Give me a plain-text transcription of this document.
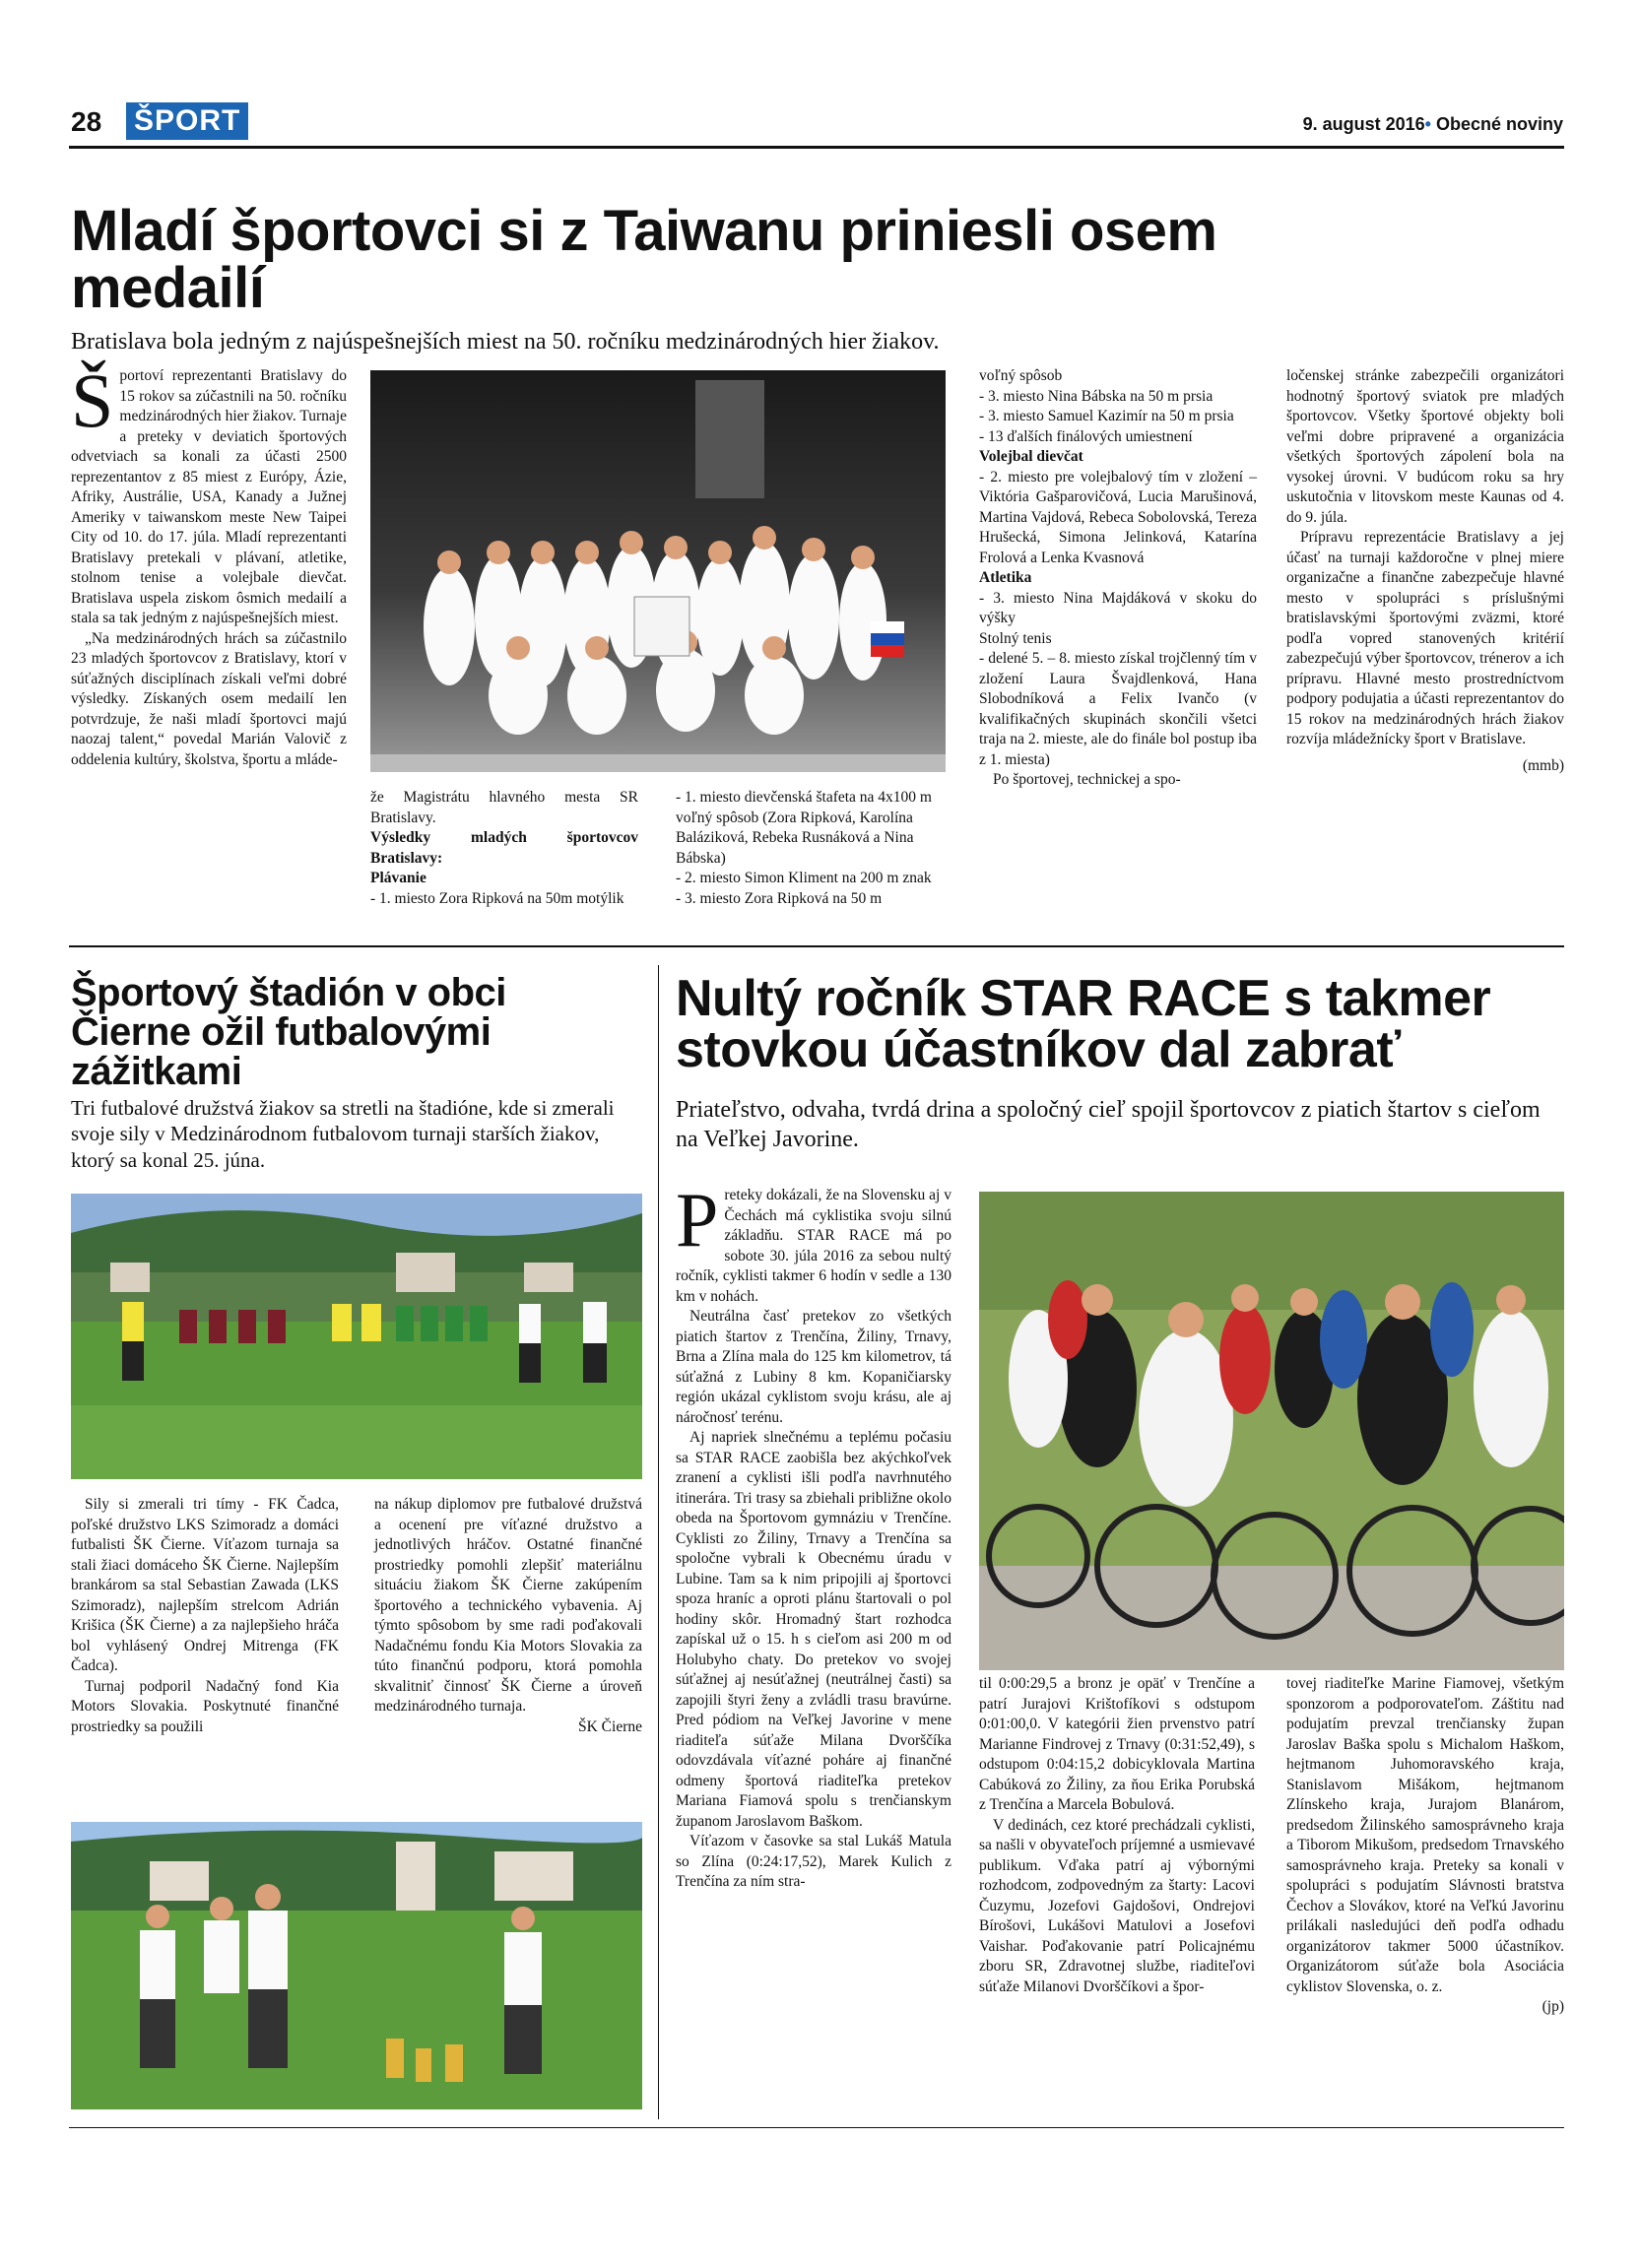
28 ŠPORT	9. august 2016• Obecné noviny
Mladí športovci si z Taiwanu priniesli osem medailí
Bratislava bola jedným z najúspešnejších miest na 50. ročníku medzinárodných hier žiakov.

Športoví reprezentanti Bratislavy do 15 rokov sa zúčastnili na 50. ročníku medzinárodných hier žiakov. Turnaje a preteky v deviatich športových odvetviach sa konali za účasti 2500 reprezentantov z 85 miest z Európy, Ázie, Afriky, Austrálie, USA, Kanady a Južnej Ameriky v taiwanskom meste New Taipei City od 10. do 17. júla. Mladí reprezentanti Bratislavy pretekali v plávaní, atletike, stolnom tenise a volejbale dievčat. Bratislava uspela ziskom ôsmich medailí a stala sa tak jedným z najúspešnejších miest.

„Na medzinárodných hrách sa zúčastnilo 23 mladých športovcov z Bratislavy, ktorí v súťažných disciplínach získali veľmi dobré výsledky. Získaných osem medailí len potvrdzuje, že naši mladí športovci majú naozaj talent,“ povedal Marián Valovič z oddelenia kultúry, školstva, športu a mláde-

že Magistrátu hlavného mesta SR Bratislavy.

Výsledky mladých športovcov Bratislavy:
Plávanie
- 1. miesto Zora Ripková na 50m motýlik
- 1. miesto dievčenská štafeta na 4x100 m voľný spôsob (Zora Ripková, Karolína Baláziková, Rebeka Rusnáková a Nina Bábska)
- 2. miesto Simon Kliment na 200 m znak
- 3. miesto Zora Ripková na 50 m
voľný spôsob
- 3. miesto Nina Bábska na 50 m prsia
- 3. miesto Samuel Kazimír na 50 m prsia
- 13 ďalších finálových umiestnení
Volejbal dievčat
- 2. miesto pre volejbalový tím v zložení – Viktória Gašparovičová, Lucia Marušinová, Martina Vajdová, Rebeca Sobolovská, Tereza Hrušecká, Simona Jelinková, Katarína Frolová a Lenka Kvasnová
Atletika
- 3. miesto Nina Majdáková v skoku do výšky
Stolný tenis
- delené 5. – 8. miesto získal trojčlenný tím v zložení Laura Švajdlenková, Hana Slobodníková a Felix Ivančo (v kvalifikačných skupinách skončili všetci traja na 2. mieste, ale do finále bol postup iba z 1. miesta)

Po športovej, technickej a spo-

ločenskej stránke zabezpečili organizátori hodnotný športový sviatok pre mladých športovcov. Všetky športové objekty boli veľmi dobre pripravené a organizácia všetkých športových zápolení bola na vysokej úrovni. V budúcom roku sa hry uskutočnia v litovskom meste Kaunas od 4. do 9. júla.

Prípravu reprezentácie Bratislavy a jej účasť na turnaji každoročne v plnej miere organizačne a finančne zabezpečuje hlavné mesto v spolupráci s príslušnými bratislavskými športovými zväzmi, ktoré podľa vopred stanovených kritérií zabezpečujú výber športovcov, trénerov a ich prípravu. Hlavné mesto prostredníctvom podpory podujatia a účasti reprezentantov do 15 rokov na medzinárodných hrách žiakov rozvíja mládežnícky šport v Bratislave.

(mmb)
Športový štadión v obci Čierne ožil futbalovými zážitkami
Tri futbalové družstvá žiakov sa stretli na štadióne, kde si zmerali svoje sily v Medzinárodnom futbalovom turnaji starších žiakov, ktorý sa konal 25. júna.

Sily si zmerali tri tímy - FK Čadca, poľské družstvo LKS Szimoradz a domáci futbalisti ŠK Čierne. Víťazom turnaja sa stali žiaci domáceho ŠK Čierne. Najlepším brankárom sa stal Sebastian Zawada (LKS Szimoradz), najlepším strelcom Adrián Krišica (ŠK Čierne) a za najlepšieho hráča bol vyhlásený Ondrej Mitrenga (FK Čadca).

Turnaj podporil Nadačný fond Kia Motors Slovakia. Poskytnuté finančné prostriedky sa použili

na nákup diplomov pre futbalové družstvá a ocenení pre víťazné družstvo a jednotlivých hráčov. Ostatné finančné prostriedky pomohli zlepšiť materiálnu situáciu žiakom ŠK Čierne zakúpením športového a technického vybavenia. Aj týmto spôsobom by sme radi poďakovali Nadačnému fondu Kia Motors Slovakia za túto finančnú podporu, ktorá pomohla skvalitniť činnosť ŠK Čierne a úroveň medzinárodného turnaja.

ŠK Čierne
Nultý ročník STAR RACE s takmer stovkou účastníkov dal zabrať
Priateľstvo, odvaha, tvrdá drina a spoločný cieľ spojil športovcov z piatich štartov s cieľom na Veľkej Javorine.

Preteky dokázali, že na Slovensku aj v Čechách má cyklistika svoju silnú základňu. STAR RACE má po sobote 30. júla 2016 za sebou nultý ročník, cyklisti takmer 6 hodín v sedle a 130 km v nohách.

Neutrálna časť pretekov zo všetkých piatich štartov z Trenčína, Žiliny, Trnavy, Brna a Zlína mala do 125 km kilometrov, tá súťažná z Lubiny 8 km. Kopaničiarsky región ukázal cyklistom svoju krásu, ale aj náročnosť terénu.

Aj napriek slnečnému a teplému počasiu sa STAR RACE zaobišla bez akýchkoľvek zranení a cyklisti išli podľa navrhnutého itinerára. Tri trasy sa zbiehali približne okolo obeda na Športovom gymnáziu v Trenčíne. Cyklisti zo Žiliny, Trnavy a Trenčína sa spoločne vybrali k Obecnému úradu v Lubine. Tam sa k nim pripojili aj športovci spoza hraníc a oproti plánu štartovali o pol hodiny skôr. Hromadný štart rozhodca zapískal už o 15. h s cieľom asi 200 m od Holubyho chaty. Do pretekov vo svojej súťažnej aj nesúťažnej (neutrálnej časti) sa zapojili štyri ženy a zvládli trasu bravúrne. Pred pódiom na Veľkej Javorine v mene riaditeľa súťaže Milana Dvorščíka odovzdávala víťazné poháre aj finančné odmeny športová riaditeľka pretekov Mariana Fiamová spolu s trenčianskym županom Jaroslavom Baškom.

Víťazom v časovke sa stal Lukáš Matula so Zlína (0:24:17,52), Marek Kulich z Trenčína za ním stra-

til 0:00:29,5 a bronz je opäť v Trenčíne a patrí Jurajovi Krištofíkovi s odstupom 0:01:00,0. V kategórii žien prvenstvo patrí Marianne Findrovej z Trnavy (0:31:52,49), s odstupom 0:04:15,2 dobicyklovala Martina Cabúková zo Žiliny, za ňou Erika Porubská z Trenčína a Marcela Bobulová.

V dedinách, cez ktoré prechádzali cyklisti, sa našli v obyvateľoch príjemné a usmievavé publikum. Vďaka patrí aj výbornými rozhodcom, zodpovedným za štarty: Lacovi Čuzymu, Jozefovi Gajdošovi, Ondrejovi Bírošovi, Lukášovi Matulovi a Josefovi Vaishar. Poďakovanie patrí Policajnému zboru SR, Zdravotnej službe, riaditeľovi súťaže Milanovi Dvorščíkovi a špor-

tovej riaditeľke Marine Fiamovej, všetkým sponzorom a podporovateľom. Záštitu nad podujatím prevzal trenčiansky župan Jaroslav Baška spolu s Michalom Haškom, hejtmanom Juhomoravského kraja, Stanislavom Mišákom, hejtmanom Zlínskeho kraja, Jurajom Blanárom, predsedom Žilinského samosprávneho kraja a Tiborom Mikušom, predsedom Trnavského samosprávneho kraja. Preteky sa konali v spolupráci s podujatím Slávnosti bratstva Čechov a Slovákov, ktoré na Veľkú Javorinu prilákali nasledujúci deň podľa odhadu organizátorov takmer 5000 účastníkov. Organizátorom súťaže bola Asociácia cyklistov Slovenska, o. z.

(jp)
